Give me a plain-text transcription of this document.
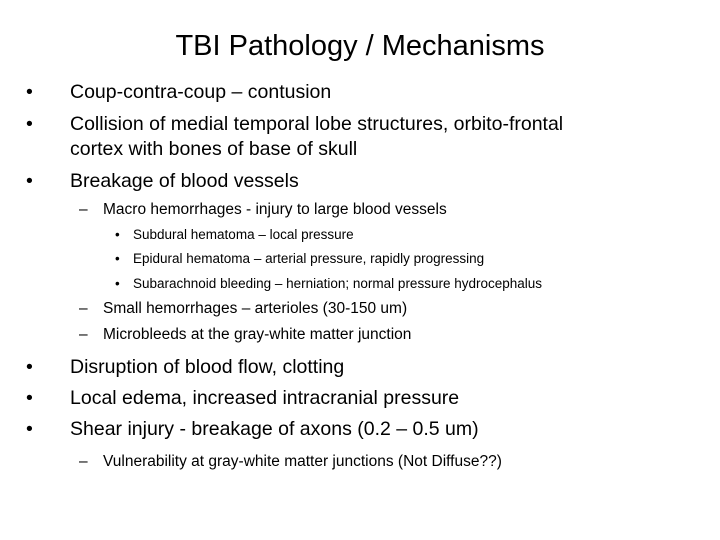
TBI Pathology / Mechanisms
• Coup-contra-coup – contusion
• Collision of medial temporal lobe structures, orbito-frontal
cortex with bones of base of skull
• Breakage of blood vessels
– Macro hemorrhages - injury to large blood vessels
• Subdural hematoma – local pressure
• Epidural hematoma – arterial pressure, rapidly progressing
• Subarachnoid bleeding – herniation; normal pressure hydrocephalus
– Small hemorrhages – arterioles (30-150 um)
– Microbleeds at the gray-white matter junction
• Disruption of blood flow, clotting
• Local edema, increased intracranial pressure
• Shear injury - breakage of axons (0.2 – 0.5 um)
– Vulnerability at gray-white matter junctions (Not Diffuse??)
